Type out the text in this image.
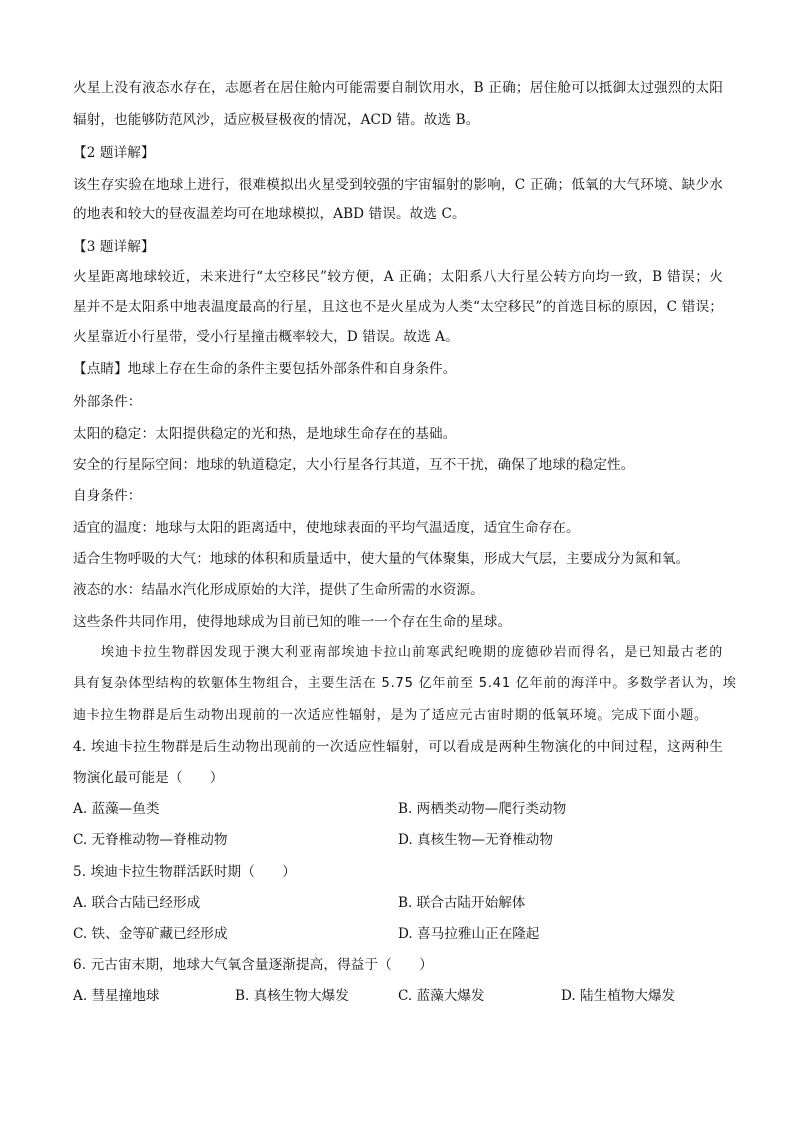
火星上没有液态水存在，志愿者在居住舱内可能需要自制饮用水，B 正确；居住舱可以抵御太过强烈的太阳
辐射，也能够防范风沙，适应极昼极夜的情况，ACD 错。故选 B。
【2 题详解】
该生存实验在地球上进行，很难模拟出火星受到较强的宇宙辐射的影响，C 正确；低氧的大气环境、缺少水
的地表和较大的昼夜温差均可在地球模拟，ABD 错误。故选 C。
【3 题详解】
火星距离地球较近，未来进行“太空移民”较方便，A 正确；太阳系八大行星公转方向均一致，B 错误；火
星并不是太阳系中地表温度最高的行星，且这也不是火星成为人类“太空移民”的首选目标的原因，C 错误；
火星靠近小行星带，受小行星撞击概率较大，D 错误。故选 A。
【点睛】地球上存在生命的条件主要包括外部条件和自身条件。
外部条件：
太阳的稳定：太阳提供稳定的光和热，是地球生命存在的基础。
安全的行星际空间：地球的轨道稳定，大小行星各行其道，互不干扰，确保了地球的稳定性。
自身条件：
适宜的温度：地球与太阳的距离适中，使地球表面的平均气温适度，适宜生命存在。
适合生物呼吸的大气：地球的体积和质量适中，使大量的气体聚集，形成大气层，主要成分为氮和氧。
液态的水：结晶水汽化形成原始的大洋，提供了生命所需的水资源。
这些条件共同作用，使得地球成为目前已知的唯一一个存在生命的星球。
埃迪卡拉生物群因发现于澳大利亚南部埃迪卡拉山前寒武纪晚期的庞德砂岩而得名，是已知最古老的
具有复杂体型结构的软躯体生物组合，主要生活在 5.75 亿年前至 5.41 亿年前的海洋中。多数学者认为，埃
迪卡拉生物群是后生动物出现前的一次适应性辐射，是为了适应元古宙时期的低氧环境。完成下面小题。
4. 埃迪卡拉生物群是后生动物出现前的一次适应性辐射，可以看成是两种生物演化的中间过程，这两种生
物演化最可能是（　　）
A. 蓝藻—鱼类	B. 两栖类动物—爬行类动物
C. 无脊椎动物—脊椎动物	D. 真核生物—无脊椎动物
5. 埃迪卡拉生物群活跃时期（　　）
A. 联合古陆已经形成	B. 联合古陆开始解体
C. 铁、金等矿藏已经形成	D. 喜马拉雅山正在隆起
6. 元古宙末期，地球大气氧含量逐渐提高，得益于（　　）
A. 彗星撞地球	B. 真核生物大爆发	C. 蓝藻大爆发	D. 陆生植物大爆发
